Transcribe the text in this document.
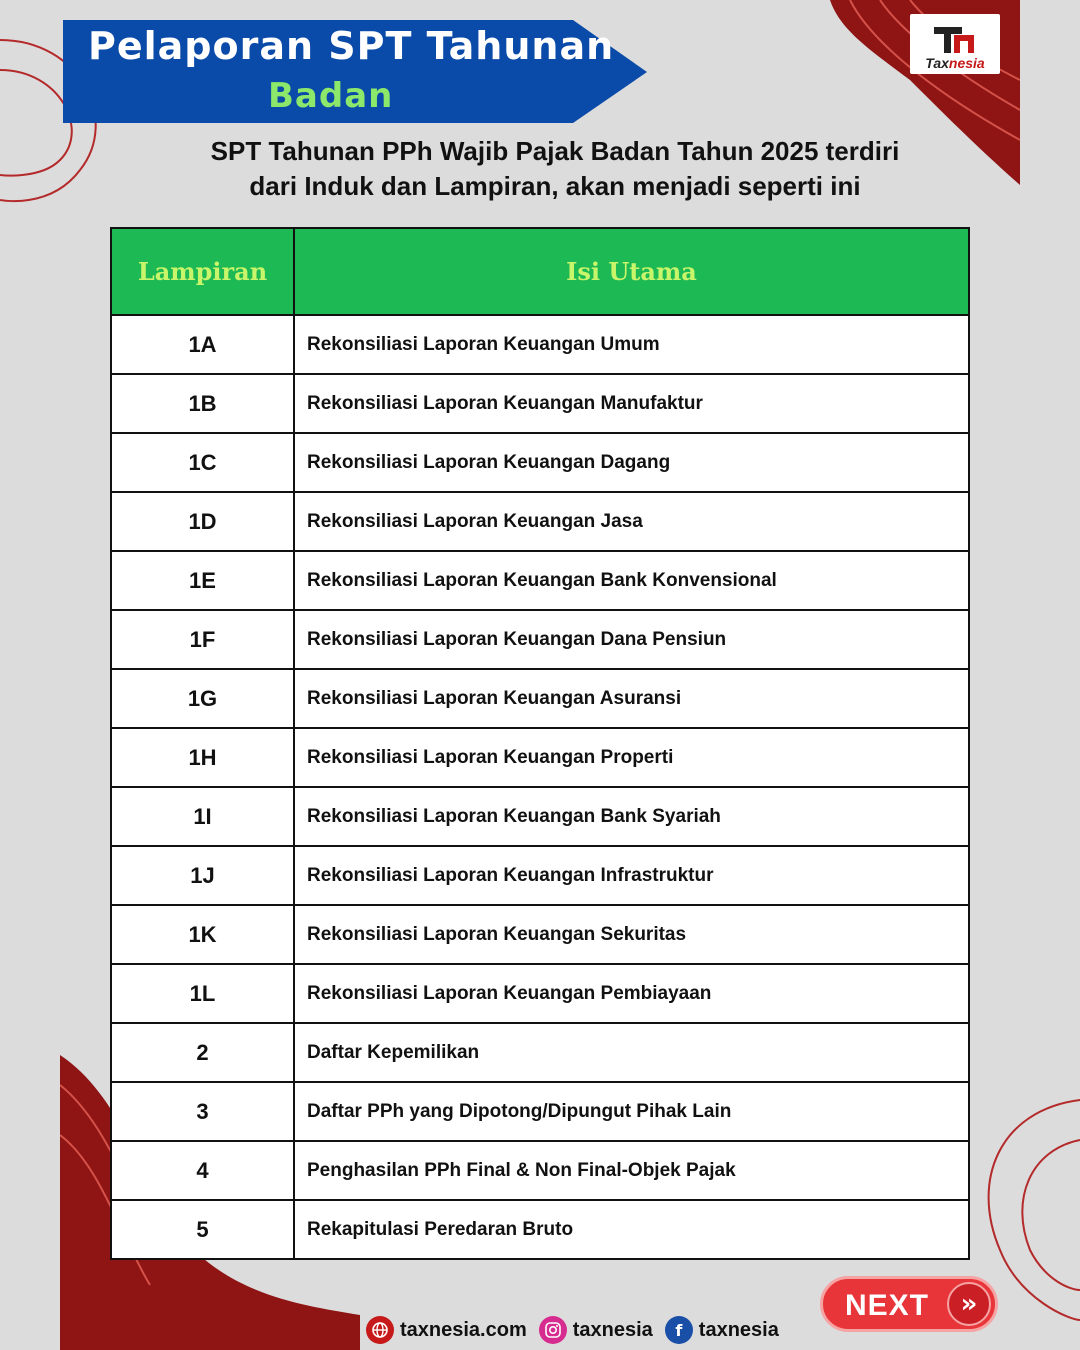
Pelaporan SPT Tahunan
Badan
Taxnesia
SPT Tahunan PPh Wajib Pajak Badan Tahun 2025 terdiri
dari Induk dan Lampiran, akan menjadi seperti ini
Lampiran	Isi Utama
1A	Rekonsiliasi Laporan Keuangan Umum
1B	Rekonsiliasi Laporan Keuangan Manufaktur
1C	Rekonsiliasi Laporan Keuangan Dagang
1D	Rekonsiliasi Laporan Keuangan Jasa
1E	Rekonsiliasi Laporan Keuangan Bank Konvensional
1F	Rekonsiliasi Laporan Keuangan Dana Pensiun
1G	Rekonsiliasi Laporan Keuangan Asuransi
1H	Rekonsiliasi Laporan Keuangan Properti
1I	Rekonsiliasi Laporan Keuangan Bank Syariah
1J	Rekonsiliasi Laporan Keuangan Infrastruktur
1K	Rekonsiliasi Laporan Keuangan Sekuritas
1L	Rekonsiliasi Laporan Keuangan Pembiayaan
2	Daftar Kepemilikan
3	Daftar PPh yang Dipotong/Dipungut Pihak Lain
4	Penghasilan PPh Final & Non Final-Objek Pajak
5	Rekapitulasi Peredaran Bruto
NEXT	»
taxnesia.com taxnesia	f taxnesia
